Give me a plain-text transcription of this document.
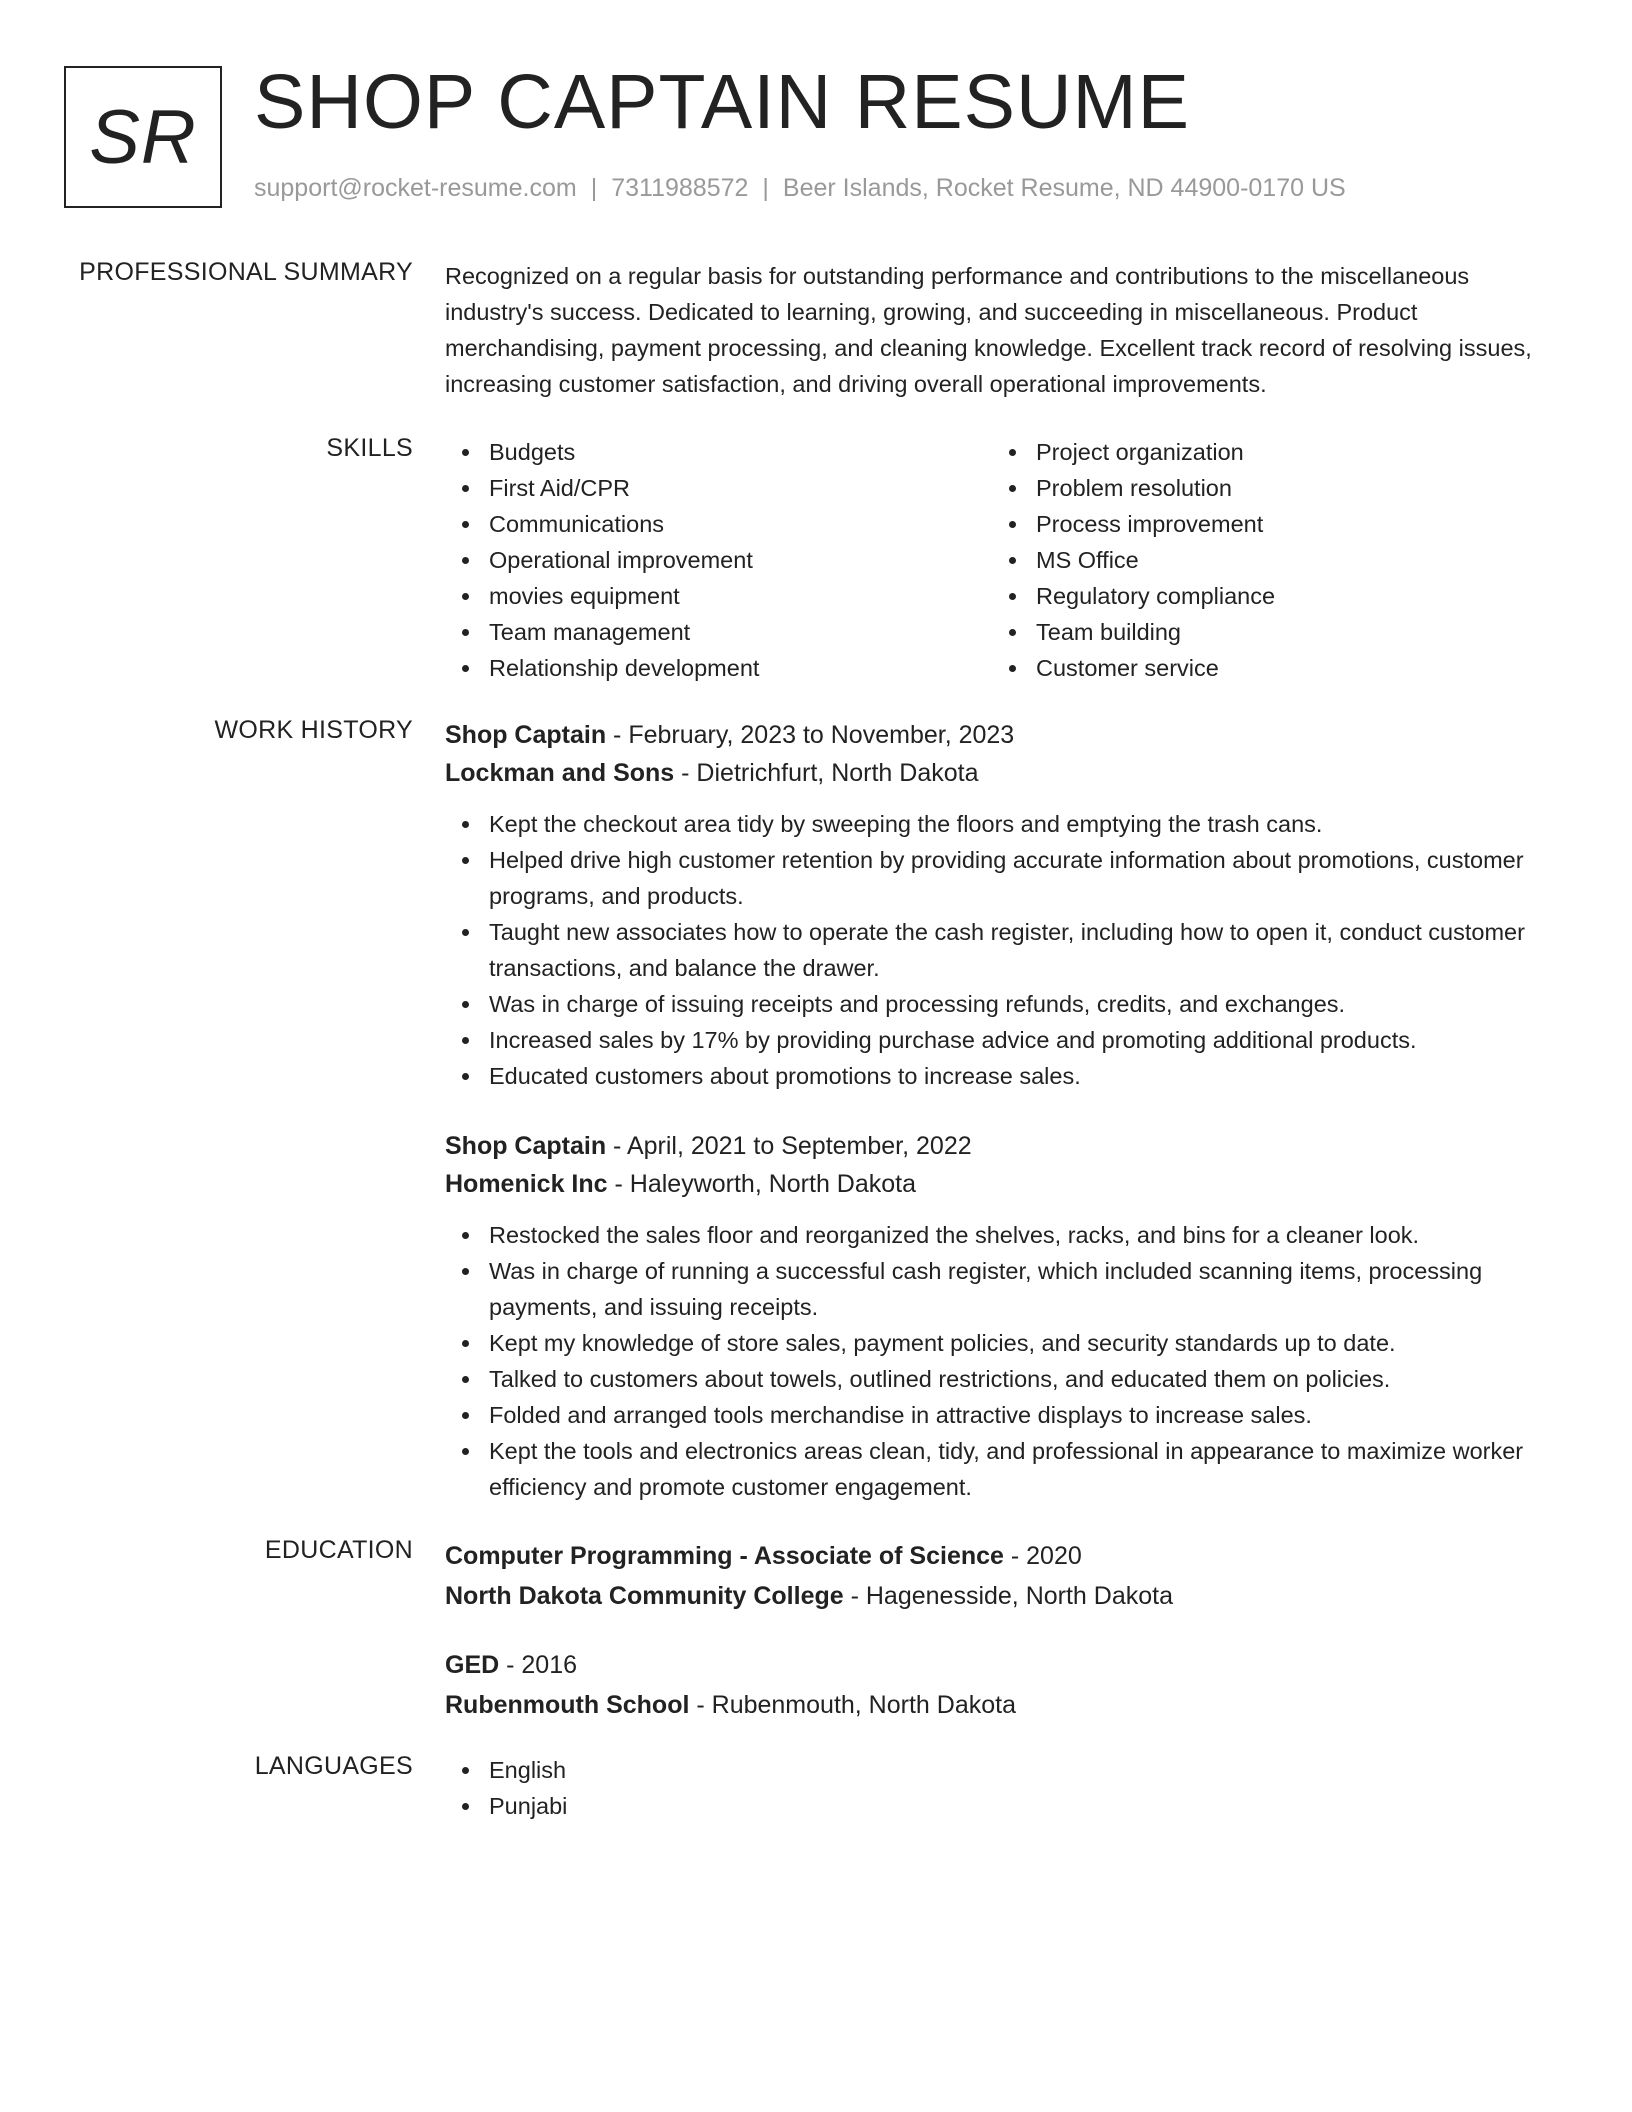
SR SHOP CAPTAIN RESUME
support@rocket-resume.com | 7311988572 | Beer Islands, Rocket Resume, ND 44900-0170 US
PROFESSIONAL SUMMARY Recognized on a regular basis for outstanding performance and contributions to the miscellaneous industry's success. Dedicated to learning, growing, and succeeding in miscellaneous. Product merchandising, payment processing, and cleaning knowledge. Excellent track record of resolving issues, increasing customer satisfaction, and driving overall operational improvements.
SKILLS	Budgets
First Aid/CPR
Communications
Operational improvement
movies equipment
Team management
Relationship development
Project organization
Problem resolution
Process improvement
MS Office
Regulatory compliance
Team building
Customer service
WORK HISTORY Shop Captain - February, 2023 to November, 2023
Lockman and Sons - Dietrichfurt, North Dakota
Kept the checkout area tidy by sweeping the floors and emptying the trash cans.
Helped drive high customer retention by providing accurate information about promotions, customer programs, and products.
Taught new associates how to operate the cash register, including how to open it, conduct customer transactions, and balance the drawer.
Was in charge of issuing receipts and processing refunds, credits, and exchanges.
Increased sales by 17% by providing purchase advice and promoting additional products.
Educated customers about promotions to increase sales.
Shop Captain - April, 2021 to September, 2022
Homenick Inc - Haleyworth, North Dakota
Restocked the sales floor and reorganized the shelves, racks, and bins for a cleaner look.
Was in charge of running a successful cash register, which included scanning items, processing payments, and issuing receipts.
Kept my knowledge of store sales, payment policies, and security standards up to date.
Talked to customers about towels, outlined restrictions, and educated them on policies.
Folded and arranged tools merchandise in attractive displays to increase sales.
Kept the tools and electronics areas clean, tidy, and professional in appearance to maximize worker efficiency and promote customer engagement.
EDUCATION Computer Programming - Associate of Science - 2020
North Dakota Community College - Hagenesside, North Dakota
GED - 2016
Rubenmouth School - Rubenmouth, North Dakota
LANGUAGES	English
Punjabi
